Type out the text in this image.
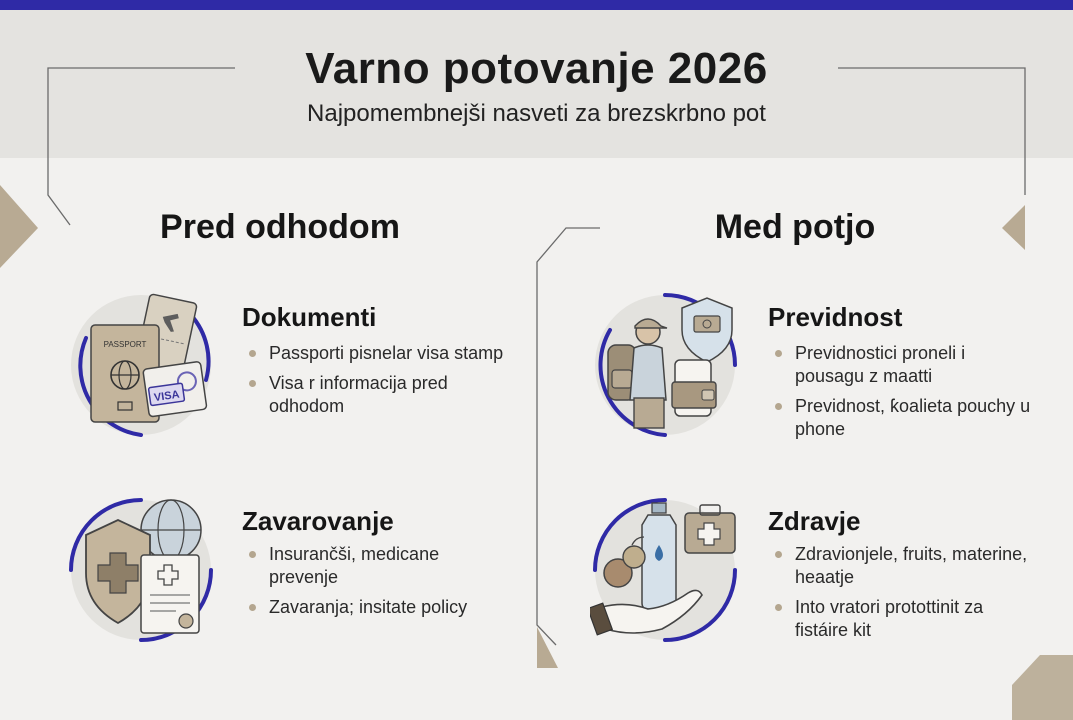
Varno potovanje 2026
Najpomembnejši nasveti za brezskrbno pot
Pred odhodom	Med potjo
PASSPORT
VISA
Dokumenti
Passporti pisnelar visa stamp
Visa r informacija pred odhodom
Zavarovanje
Insurančši, medicane prevenje
Zavaranja; insitate policy
Previdnost
Previdnostici proneli i pousagu z maatti
Previdnost, ƙoalieta pouchy u phone
Zdravje
Zdravionjele, fruits, materine, heaatje
Into vratori protottinit za fistáire kit
